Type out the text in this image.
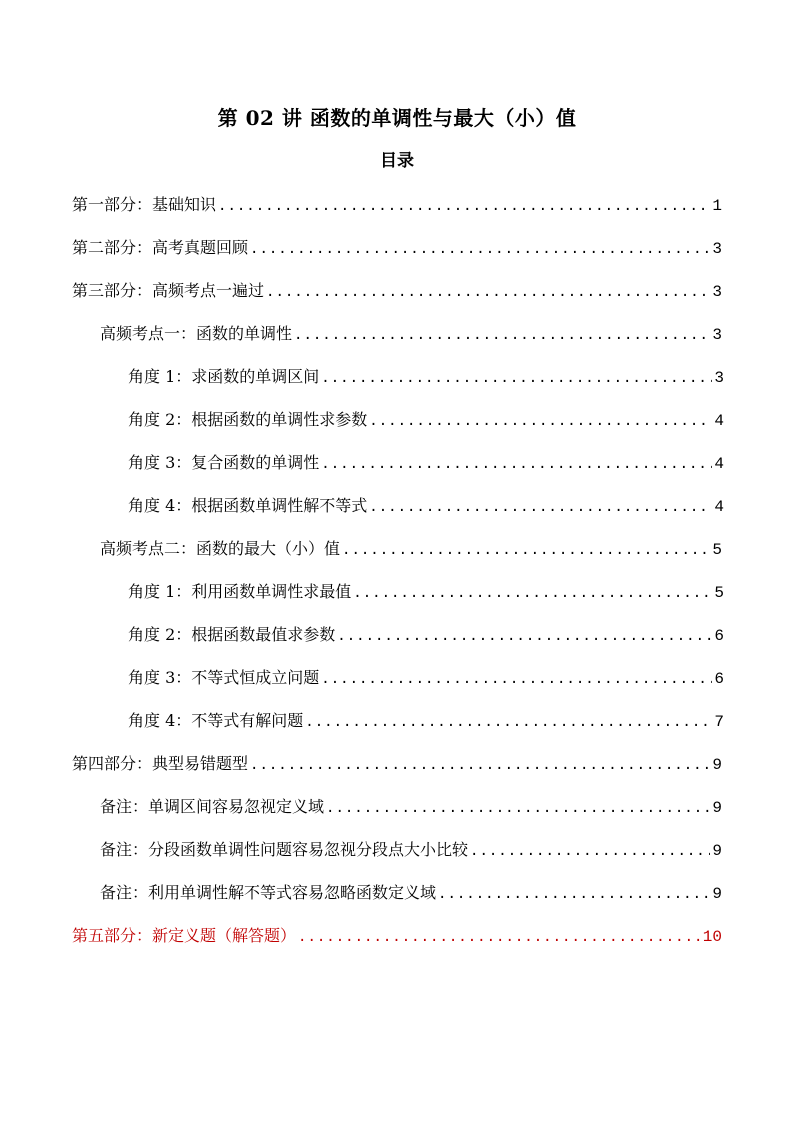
第 02 讲 函数的单调性与最大（小）值
目录
第一部分：基础知识 .....	1
第二部分：高考真题回顾 .....	3
第三部分：高频考点一遍过 .....	3
高频考点一：函数的单调性 .....	3
角度 1：求函数的单调区间 .....	3
角度 2：根据函数的单调性求参数 .....	4
角度 3：复合函数的单调性 .....	4
角度 4：根据函数单调性解不等式 .....	4
高频考点二：函数的最大（小）值 .....	5
角度 1：利用函数单调性求最值 .....	5
角度 2：根据函数最值求参数 .....	6
角度 3：不等式恒成立问题 .....	6
角度 4：不等式有解问题 .....	7
第四部分：典型易错题型 .....	9
备注：单调区间容易忽视定义域 .....	9
备注：分段函数单调性问题容易忽视分段点大小比较 .....	9
备注：利用单调性解不等式容易忽略函数定义域 .....	9
第五部分：新定义题（解答题） .....	10
